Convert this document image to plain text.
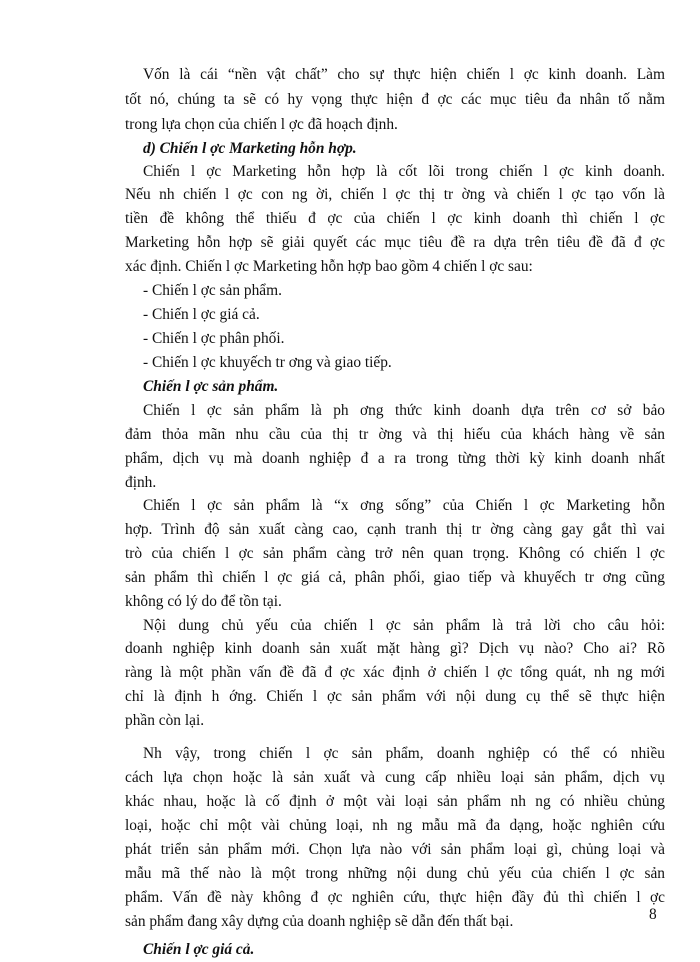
Vốn là cái “nền vật chất” cho sự thực hiện chiến l ợc kinh doanh. Làm
tốt nó, chúng ta sẽ có hy vọng thực hiện đ ợc các mục tiêu đa nhân tố nằm
trong lựa chọn của chiến l ợc đã hoạch định.
d) Chiến l ợc Marketing hỗn hợp.
Chiến l ợc Marketing hỗn hợp là cốt lõi trong chiến l ợc kinh doanh.
Nếu nh chiến l ợc con ng ời, chiến l ợc thị tr ờng và chiến l ợc tạo vốn là
tiền đề không thể thiếu đ ợc của chiến l ợc kinh doanh thì chiến l ợc
Marketing hỗn hợp sẽ giải quyết các mục tiêu đề ra dựa trên tiêu đề đã đ ợc
xác định. Chiến l ợc Marketing hỗn hợp bao gồm 4 chiến l ợc sau:
- Chiến l ợc sản phẩm.
- Chiến l ợc giá cả.
- Chiến l ợc phân phối.
- Chiến l ợc khuyếch tr ơng và giao tiếp.
Chiến l ợc sản phẩm.
Chiến l ợc sản phẩm là ph ơng thức kinh doanh dựa trên cơ sở bảo
đảm thỏa mãn nhu cầu của thị tr ờng và thị hiếu của khách hàng về sản
phẩm, dịch vụ mà doanh nghiệp đ a ra trong từng thời kỳ kinh doanh nhất
định.
Chiến l ợc sản phẩm là “x ơng sống” của Chiến l ợc Marketing hỗn
hợp. Trình độ sản xuất càng cao, cạnh tranh thị tr ờng càng gay gắt thì vai
trò của chiến l ợc sản phẩm càng trở nên quan trọng. Không có chiến l ợc
sản phẩm thì chiến l ợc giá cả, phân phối, giao tiếp và khuyếch tr ơng cũng
không có lý do để tồn tại.
Nội dung chủ yếu của chiến l ợc sản phẩm là trả lời cho câu hỏi:
doanh nghiệp kinh doanh sản xuất mặt hàng gì? Dịch vụ nào? Cho ai? Rõ
ràng là một phần vấn đề đã đ ợc xác định ở chiến l ợc tổng quát, nh ng mới
chỉ là định h ớng. Chiến l ợc sản phẩm với nội dung cụ thể sẽ thực hiện
phần còn lại.
Nh vậy, trong chiến l ợc sản phẩm, doanh nghiệp có thể có nhiều
cách lựa chọn hoặc là sản xuất và cung cấp nhiều loại sản phẩm, dịch vụ
khác nhau, hoặc là cố định ở một vài loại sản phẩm nh ng có nhiều chủng
loại, hoặc chỉ một vài chủng loại, nh ng mẫu mã đa dạng, hoặc nghiên cứu
phát triển sản phẩm mới. Chọn lựa nào với sản phẩm loại gì, chủng loại và
mẫu mã thế nào là một trong những nội dung chủ yếu của chiến l ợc sản
phẩm. Vấn đề này không đ ợc nghiên cứu, thực hiện đầy đủ thì chiến l ợc
sản phẩm đang xây dựng của doanh nghiệp sẽ dẫn đến thất bại.
Chiến l ợc giá cả.
8
